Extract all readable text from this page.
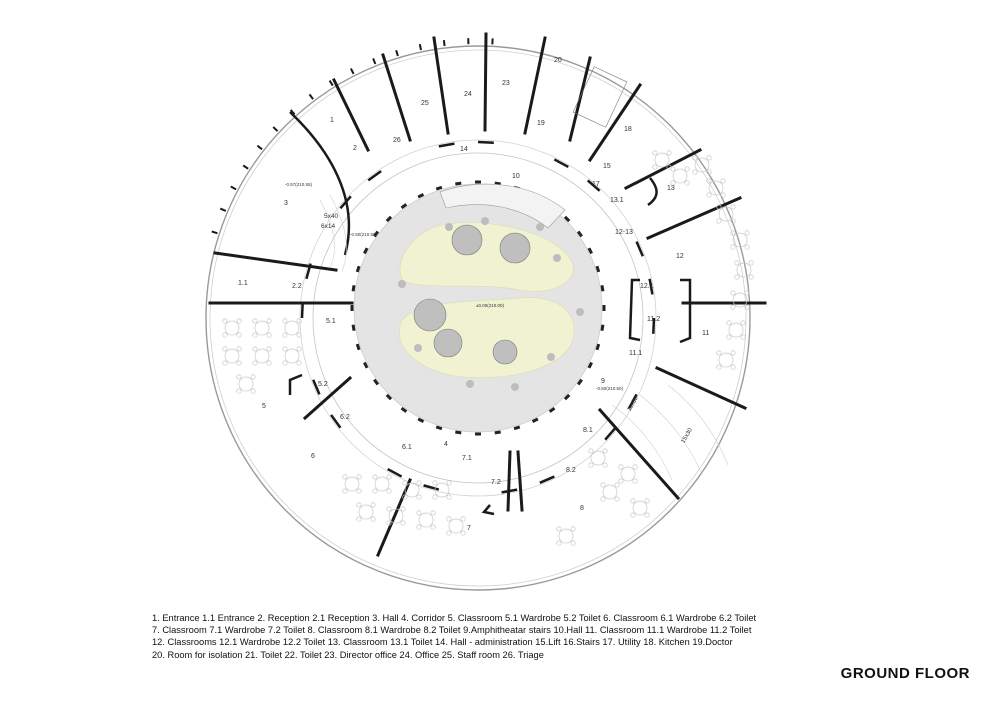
1
1.1
2
2.2
3
4
5
5.1
5.2
6
6.1
6.2
7
7.1
7.2
8
8.1
8.2
9
10
11
11.1
11.2
12
12.1
12-13
13
13.1
14
15
17
18
19
20
23
24
25
26
5x40
6x14
11x30
15x30
±0.00(210.00)
-0.57(210.55)
-0.50(210.50)
-0.50(210.50)
1. Entrance 1.1 Entrance 2. Reception 2.1 Reception 3. Hall 4. Corridor 5. Classroom 5.1 Wardrobe 5.2 Toilet 6. Classroom 6.1 Wardrobe 6.2 Toilet
7. Classroom 7.1 Wardrobe 7.2 Toilet 8. Classroom 8.1 Wardrobe 8.2 Toilet 9.Amphitheatar stairs 10.Hall 11. Classroom 11.1 Wardrobe 11.2 Toilet
12. Classrooms 12.1 Wardrobe 12.2 Toilet 13. Classroom 13.1 Toilet 14. Hall - administration 15.Lift 16.Stairs 17. Utility 18. Kitchen 19.Doctor
20. Room for isolation 21. Toilet 22. Toilet 23. Director office 24. Office 25. Staff room 26. Triage
GROUND FLOOR
